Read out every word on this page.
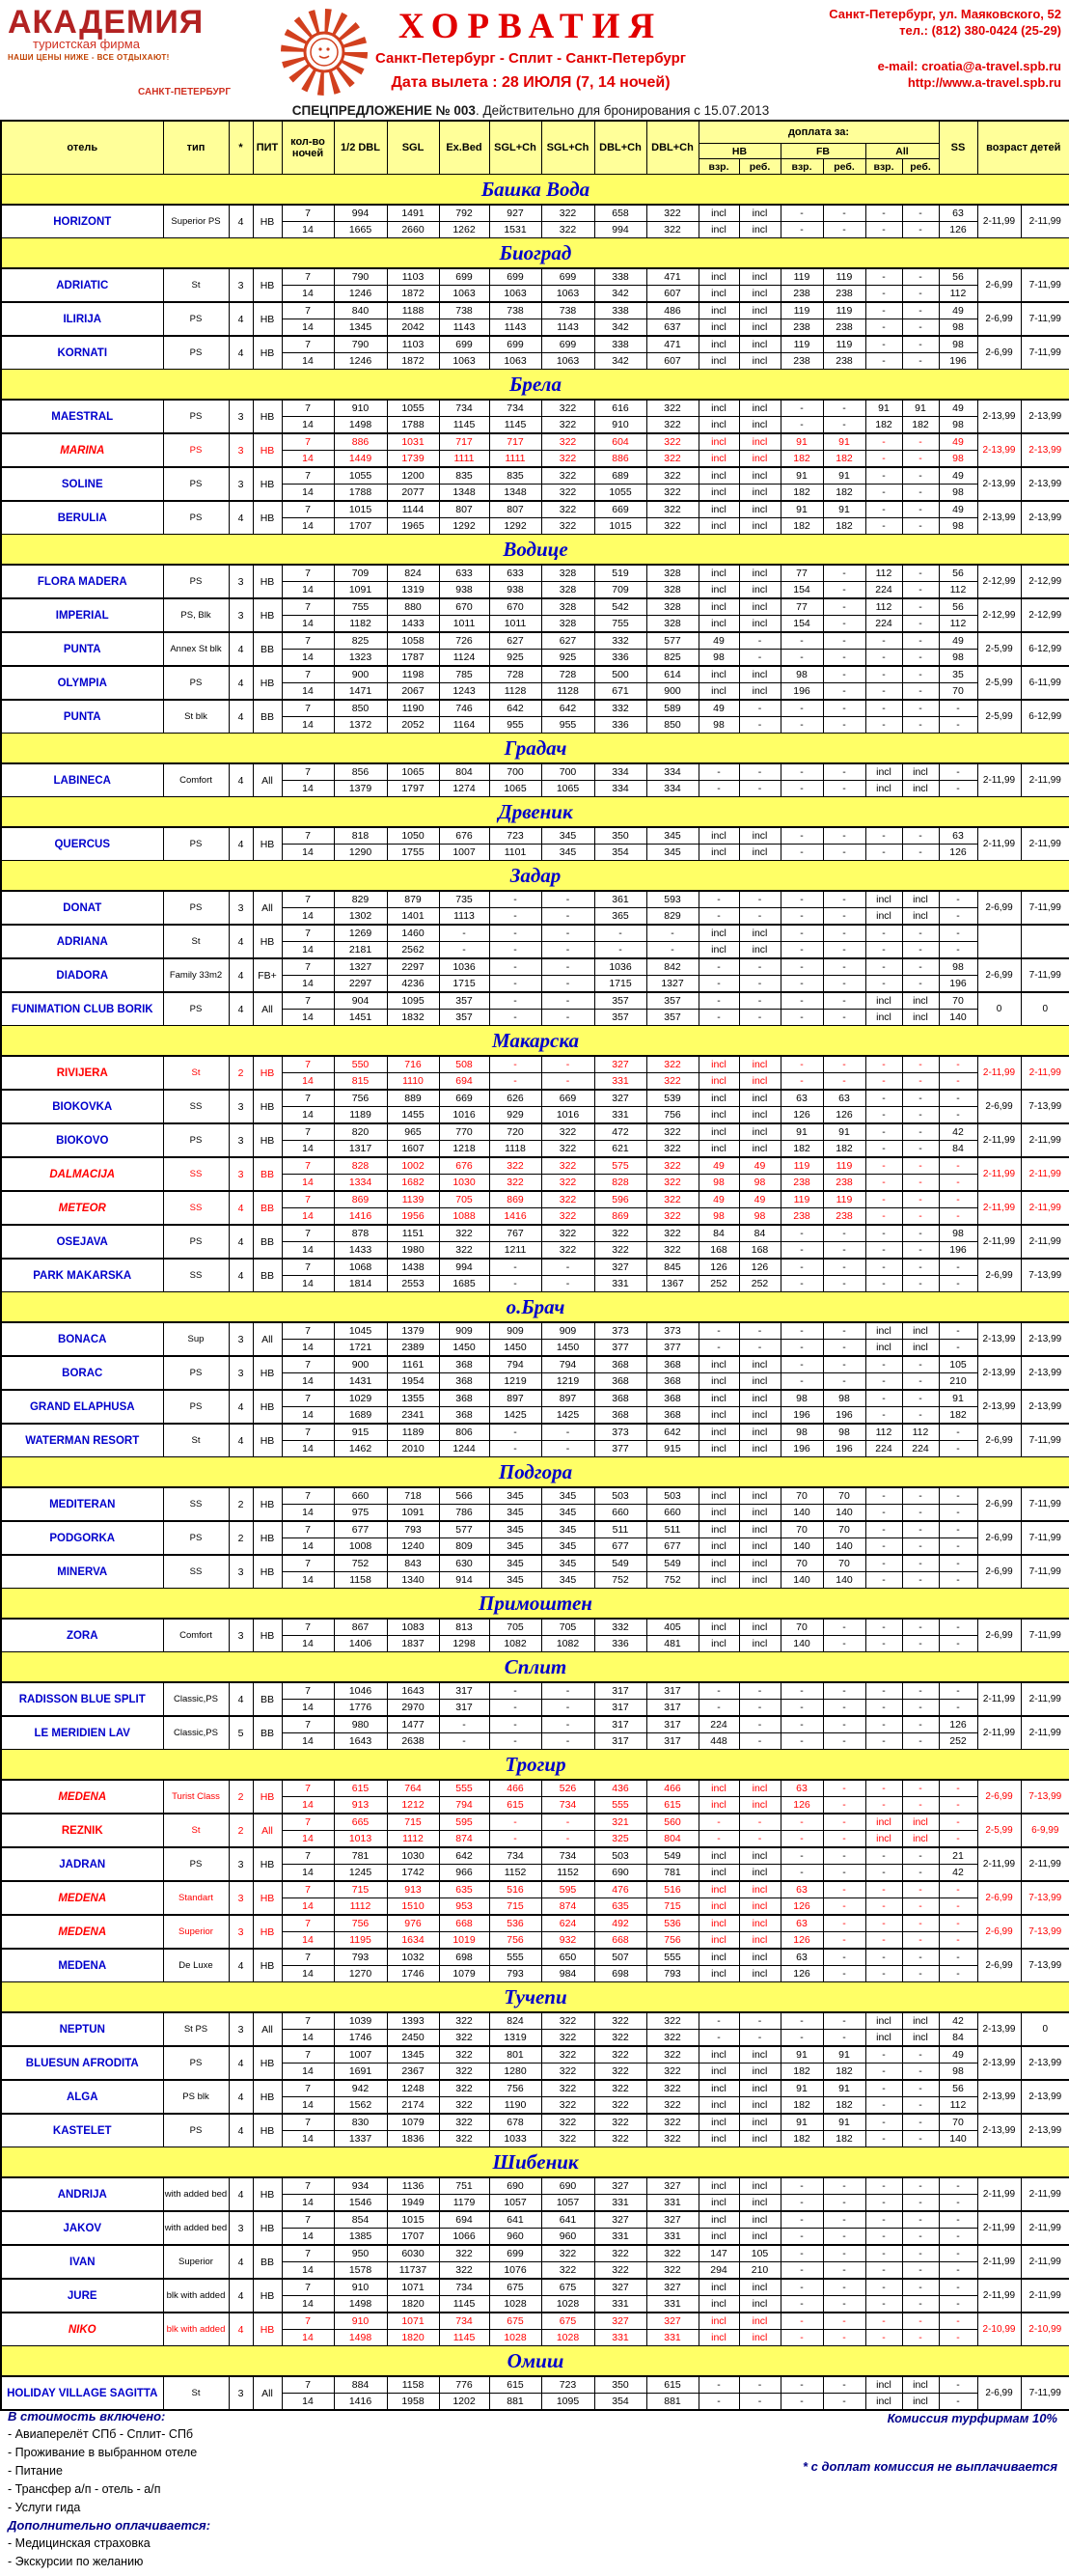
АКАДЕМИЯ
туристская фирма
НАШИ ЦЕНЫ НИЖЕ - ВСЕ ОТДЫХАЮТ!
САНКТ-ПЕТЕРБУРГ
ХОРВАТИЯ
Санкт-Петербург - Сплит - Санкт-Петербург
Дата вылета : 28 ИЮЛЯ (7, 14 ночей)
СПЕЦПРЕДЛОЖЕНИЕ № 003. Действительно для бронирования с 15.07.2013
Санкт-Петербург, ул. Маяковского, 52
тел.: (812) 380-0424 (25-29)
e-mail: croatia@a-travel.spb.ru
http://www.a-travel.spb.ru
отель	тип	*	ПИТ	кол-во ночей	1/2 DBL	SGL	Ex.Bed	SGL+Ch	SGL+Ch	DBL+Ch	DBL+Ch	доплата за:						SS	возраст детей	
												HB		FB		All				
												взр.	реб.	взр.	реб.	взр.	реб.			
Башка Вода																				
HORIZONT	Superior PS	4	HB	7	994	1491	792	927	322	658	322	incl	incl	-	-	-	-	63	2-11,99	2-11,99
				14	1665	2660	1262	1531	322	994	322	incl	incl	-	-	-	-	126		
Биоград																				
ADRIATIC	St	3	HB	7	790	1103	699	699	699	338	471	incl	incl	119	119	-	-	56	2-6,99	7-11,99
				14	1246	1872	1063	1063	1063	342	607	incl	incl	238	238	-	-	112		
ILIRIJA	PS	4	HB	7	840	1188	738	738	738	338	486	incl	incl	119	119	-	-	49	2-6,99	7-11,99
				14	1345	2042	1143	1143	1143	342	637	incl	incl	238	238	-	-	98		
KORNATI	PS	4	HB	7	790	1103	699	699	699	338	471	incl	incl	119	119	-	-	98	2-6,99	7-11,99
				14	1246	1872	1063	1063	1063	342	607	incl	incl	238	238	-	-	196		
Брела																				
MAESTRAL	PS	3	HB	7	910	1055	734	734	322	616	322	incl	incl	-	-	91	91	49	2-13,99	2-13,99
				14	1498	1788	1145	1145	322	910	322	incl	incl	-	-	182	182	98		
MARINA	PS	3	HB	7	886	1031	717	717	322	604	322	incl	incl	91	91	-	-	49	2-13,99	2-13,99
				14	1449	1739	1111	1111	322	886	322	incl	incl	182	182	-	-	98		
SOLINE	PS	3	HB	7	1055	1200	835	835	322	689	322	incl	incl	91	91	-	-	49	2-13,99	2-13,99
				14	1788	2077	1348	1348	322	1055	322	incl	incl	182	182	-	-	98		
BERULIA	PS	4	HB	7	1015	1144	807	807	322	669	322	incl	incl	91	91	-	-	49	2-13,99	2-13,99
				14	1707	1965	1292	1292	322	1015	322	incl	incl	182	182	-	-	98		
Водице																				
FLORA MADERA	PS	3	HB	7	709	824	633	633	328	519	328	incl	incl	77	-	112	-	56	2-12,99	2-12,99
				14	1091	1319	938	938	328	709	328	incl	incl	154	-	224	-	112		
IMPERIAL	PS, Blk	3	HB	7	755	880	670	670	328	542	328	incl	incl	77	-	112	-	56	2-12,99	2-12,99
				14	1182	1433	1011	1011	328	755	328	incl	incl	154	-	224	-	112		
PUNTA	Annex St blk	4	BB	7	825	1058	726	627	627	332	577	49	-	-	-	-	-	49	2-5,99	6-12,99
				14	1323	1787	1124	925	925	336	825	98	-	-	-	-	-	98		
OLYMPIA	PS	4	HB	7	900	1198	785	728	728	500	614	incl	incl	98	-	-	-	35	2-5,99	6-11,99
				14	1471	2067	1243	1128	1128	671	900	incl	incl	196	-	-	-	70		
PUNTA	St blk	4	BB	7	850	1190	746	642	642	332	589	49	-	-	-	-	-	-	2-5,99	6-12,99
				14	1372	2052	1164	955	955	336	850	98	-	-	-	-	-	-		
Градач																				
LABINECA	Comfort	4	All	7	856	1065	804	700	700	334	334	-	-	-	-	incl	incl	-	2-11,99	2-11,99
				14	1379	1797	1274	1065	1065	334	334	-	-	-	-	incl	incl	-		
Дрвеник																				
QUERCUS	PS	4	HB	7	818	1050	676	723	345	350	345	incl	incl	-	-	-	-	63	2-11,99	2-11,99
				14	1290	1755	1007	1101	345	354	345	incl	incl	-	-	-	-	126		
Задар																				
DONAT	PS	3	All	7	829	879	735	-	-	361	593	-	-	-	-	incl	incl	-	2-6,99	7-11,99
				14	1302	1401	1113	-	-	365	829	-	-	-	-	incl	incl	-		
ADRIANA	St	4	HB	7	1269	1460	-	-	-	-	-	incl	incl	-	-	-	-	-		
				14	2181	2562	-	-	-	-	-	incl	incl	-	-	-	-	-		
DIADORA	Family 33m2	4	FB+	7	1327	2297	1036	-	-	1036	842	-	-	-	-	-	-	98	2-6,99	7-11,99
				14	2297	4236	1715	-	-	1715	1327	-	-	-	-	-	-	196		
FUNIMATION CLUB BORIK	PS	4	All	7	904	1095	357	-	-	357	357	-	-	-	-	incl	incl	70	0	0
				14	1451	1832	357	-	-	357	357	-	-	-	-	incl	incl	140		
Макарска																				
RIVIJERA	St	2	HB	7	550	716	508	-	-	327	322	incl	incl	-	-	-	-	-	2-11,99	2-11,99
				14	815	1110	694	-	-	331	322	incl	incl	-	-	-	-	-		
BIOKOVKA	SS	3	HB	7	756	889	669	626	669	327	539	incl	incl	63	63	-	-	-	2-6,99	7-13,99
				14	1189	1455	1016	929	1016	331	756	incl	incl	126	126	-	-	-		
BIOKOVO	PS	3	HB	7	820	965	770	720	322	472	322	incl	incl	91	91	-	-	42	2-11,99	2-11,99
				14	1317	1607	1218	1118	322	621	322	incl	incl	182	182	-	-	84		
DALMACIJA	SS	3	BB	7	828	1002	676	322	322	575	322	49	49	119	119	-	-	-	2-11,99	2-11,99
				14	1334	1682	1030	322	322	828	322	98	98	238	238	-	-	-		
METEOR	SS	4	BB	7	869	1139	705	869	322	596	322	49	49	119	119	-	-	-	2-11,99	2-11,99
				14	1416	1956	1088	1416	322	869	322	98	98	238	238	-	-	-		
OSEJAVA	PS	4	BB	7	878	1151	322	767	322	322	322	84	84	-	-	-	-	98	2-11,99	2-11,99
				14	1433	1980	322	1211	322	322	322	168	168	-	-	-	-	196		
PARK MAKARSKA	SS	4	BB	7	1068	1438	994	-	-	327	845	126	126	-	-	-	-	-	2-6,99	7-13,99
				14	1814	2553	1685	-	-	331	1367	252	252	-	-	-	-	-		
о.Брач																				
BONACA	Sup	3	All	7	1045	1379	909	909	909	373	373	-	-	-	-	incl	incl	-	2-13,99	2-13,99
				14	1721	2389	1450	1450	1450	377	377	-	-	-	-	incl	incl	-		
BORAC	PS	3	HB	7	900	1161	368	794	794	368	368	incl	incl	-	-	-	-	105	2-13,99	2-13,99
				14	1431	1954	368	1219	1219	368	368	incl	incl	-	-	-	-	210		
GRAND ELAPHUSA	PS	4	HB	7	1029	1355	368	897	897	368	368	incl	incl	98	98	-	-	91	2-13,99	2-13,99
				14	1689	2341	368	1425	1425	368	368	incl	incl	196	196	-	-	182		
WATERMAN RESORT	St	4	HB	7	915	1189	806	-	-	373	642	incl	incl	98	98	112	112	-	2-6,99	7-11,99
				14	1462	2010	1244	-	-	377	915	incl	incl	196	196	224	224	-		
Подгора																				
MEDITERAN	SS	2	HB	7	660	718	566	345	345	503	503	incl	incl	70	70	-	-	-	2-6,99	7-11,99
				14	975	1091	786	345	345	660	660	incl	incl	140	140	-	-	-		
PODGORKA	PS	2	HB	7	677	793	577	345	345	511	511	incl	incl	70	70	-	-	-	2-6,99	7-11,99
				14	1008	1240	809	345	345	677	677	incl	incl	140	140	-	-	-		
MINERVA	SS	3	HB	7	752	843	630	345	345	549	549	incl	incl	70	70	-	-	-	2-6,99	7-11,99
				14	1158	1340	914	345	345	752	752	incl	incl	140	140	-	-	-		
Примоштен																				
ZORA	Comfort	3	HB	7	867	1083	813	705	705	332	405	incl	incl	70	-	-	-	-	2-6,99	7-11,99
				14	1406	1837	1298	1082	1082	336	481	incl	incl	140	-	-	-	-		
Сплит																				
RADISSON BLUE SPLIT	Classic,PS	4	BB	7	1046	1643	317	-	-	317	317	-	-	-	-	-	-	-	2-11,99	2-11,99
				14	1776	2970	317	-	-	317	317	-	-	-	-	-	-	-		
LE MERIDIEN LAV	Classic,PS	5	BB	7	980	1477	-	-	-	317	317	224	-	-	-	-	-	126	2-11,99	2-11,99
				14	1643	2638	-	-	-	317	317	448	-	-	-	-	-	252		
Трогир																				
MEDENA	Turist Class	2	HB	7	615	764	555	466	526	436	466	incl	incl	63	-	-	-	-	2-6,99	7-13,99
				14	913	1212	794	615	734	555	615	incl	incl	126	-	-	-	-		
REZNIK	St	2	All	7	665	715	595	-	-	321	560	-	-	-	-	incl	incl	-	2-5,99	6-9,99
				14	1013	1112	874	-	-	325	804	-	-	-	-	incl	incl	-		
JADRAN	PS	3	HB	7	781	1030	642	734	734	503	549	incl	incl	-	-	-	-	21	2-11,99	2-11,99
				14	1245	1742	966	1152	1152	690	781	incl	incl	-	-	-	-	42		
MEDENA	Standart	3	HB	7	715	913	635	516	595	476	516	incl	incl	63	-	-	-	-	2-6,99	7-13,99
				14	1112	1510	953	715	874	635	715	incl	incl	126	-	-	-	-		
MEDENA	Superior	3	HB	7	756	976	668	536	624	492	536	incl	incl	63	-	-	-	-	2-6,99	7-13,99
				14	1195	1634	1019	756	932	668	756	incl	incl	126	-	-	-	-		
MEDENA	De Luxe	4	HB	7	793	1032	698	555	650	507	555	incl	incl	63	-	-	-	-	2-6,99	7-13,99
				14	1270	1746	1079	793	984	698	793	incl	incl	126	-	-	-	-		
Тучепи																				
NEPTUN	St PS	3	All	7	1039	1393	322	824	322	322	322	-	-	-	-	incl	incl	42	2-13,99	0
				14	1746	2450	322	1319	322	322	322	-	-	-	-	incl	incl	84		
BLUESUN AFRODITA	PS	4	HB	7	1007	1345	322	801	322	322	322	incl	incl	91	91	-	-	49	2-13,99	2-13,99
				14	1691	2367	322	1280	322	322	322	incl	incl	182	182	-	-	98		
ALGA	PS blk	4	HB	7	942	1248	322	756	322	322	322	incl	incl	91	91	-	-	56	2-13,99	2-13,99
				14	1562	2174	322	1190	322	322	322	incl	incl	182	182	-	-	112		
KASTELET	PS	4	HB	7	830	1079	322	678	322	322	322	incl	incl	91	91	-	-	70	2-13,99	2-13,99
				14	1337	1836	322	1033	322	322	322	incl	incl	182	182	-	-	140		
Шибеник																				
ANDRIJA	with added bed	4	HB	7	934	1136	751	690	690	327	327	incl	incl	-	-	-	-	-	2-11,99	2-11,99
				14	1546	1949	1179	1057	1057	331	331	incl	incl	-	-	-	-	-		
JAKOV	with added bed	3	HB	7	854	1015	694	641	641	327	327	incl	incl	-	-	-	-	-	2-11,99	2-11,99
				14	1385	1707	1066	960	960	331	331	incl	incl	-	-	-	-	-		
IVAN	Superior	4	BB	7	950	6030	322	699	322	322	322	147	105	-	-	-	-	-	2-11,99	2-11,99
				14	1578	11737	322	1076	322	322	322	294	210	-	-	-	-	-		
JURE	blk with added	4	HB	7	910	1071	734	675	675	327	327	incl	incl	-	-	-	-	-	2-11,99	2-11,99
				14	1498	1820	1145	1028	1028	331	331	incl	incl	-	-	-	-	-		
NIKO	blk with added	4	HB	7	910	1071	734	675	675	327	327	incl	incl	-	-	-	-	-	2-10,99	2-10,99
				14	1498	1820	1145	1028	1028	331	331	incl	incl	-	-	-	-	-		
Омиш																				
HOLIDAY VILLAGE SAGITTA	St	3	All	7	884	1158	776	615	723	350	615	-	-	-	-	incl	incl	-	2-6,99	7-11,99
				14	1416	1958	1202	881	1095	354	881	-	-	-	-	incl	incl	-		
В стоимость включено:
- Авиаперелёт СПб - Сплит- СПб
- Проживание в выбранном отеле
- Питание
- Трансфер а/п - отель - а/п
- Услуги гида
Дополнительно оплачивается:
- Медицинская страховка
- Экскурсии по желанию
Комиссия турфирмам 10%
* с доплат комиссия не выплачивается
